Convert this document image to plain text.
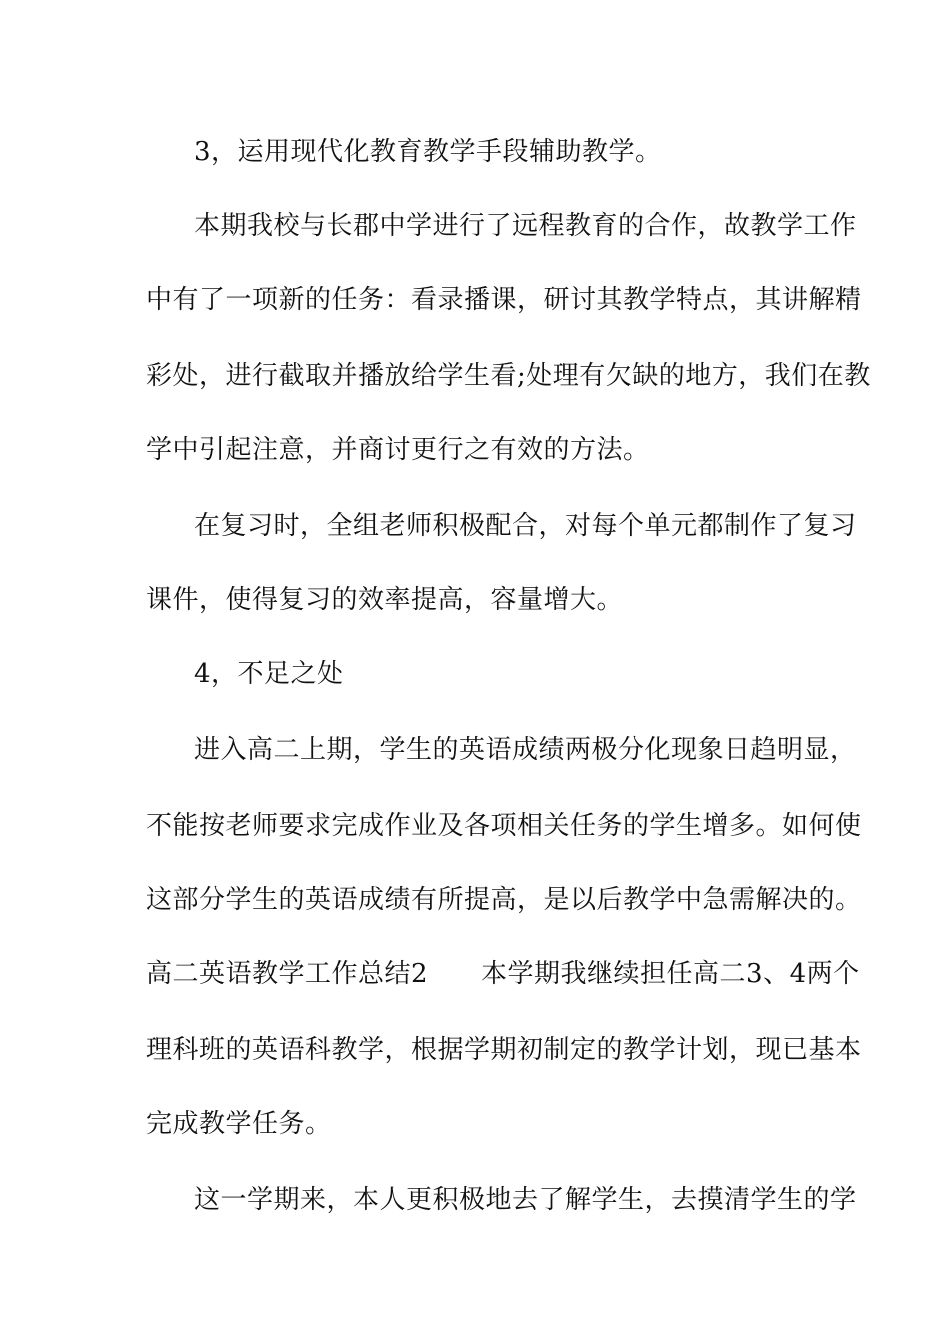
3，运用现代化教育教学手段辅助教学。
本期我校与长郡中学进行了远程教育的合作，故教学工作
中有了一项新的任务：看录播课，研讨其教学特点，其讲解精
彩处，进行截取并播放给学生看;处理有欠缺的地方，我们在教
学中引起注意，并商讨更行之有效的方法。
在复习时，全组老师积极配合，对每个单元都制作了复习
课件，使得复习的效率提高，容量增大。
4，不足之处
进入高二上期，学生的英语成绩两极分化现象日趋明显，
不能按老师要求完成作业及各项相关任务的学生增多。如何使
这部分学生的英语成绩有所提高，是以后教学中急需解决的。
高二英语教学工作总结2　　本学期我继续担任高二3、4两个
理科班的英语科教学，根据学期初制定的教学计划，现已基本
完成教学任务。
这一学期来，本人更积极地去了解学生，去摸清学生的学
